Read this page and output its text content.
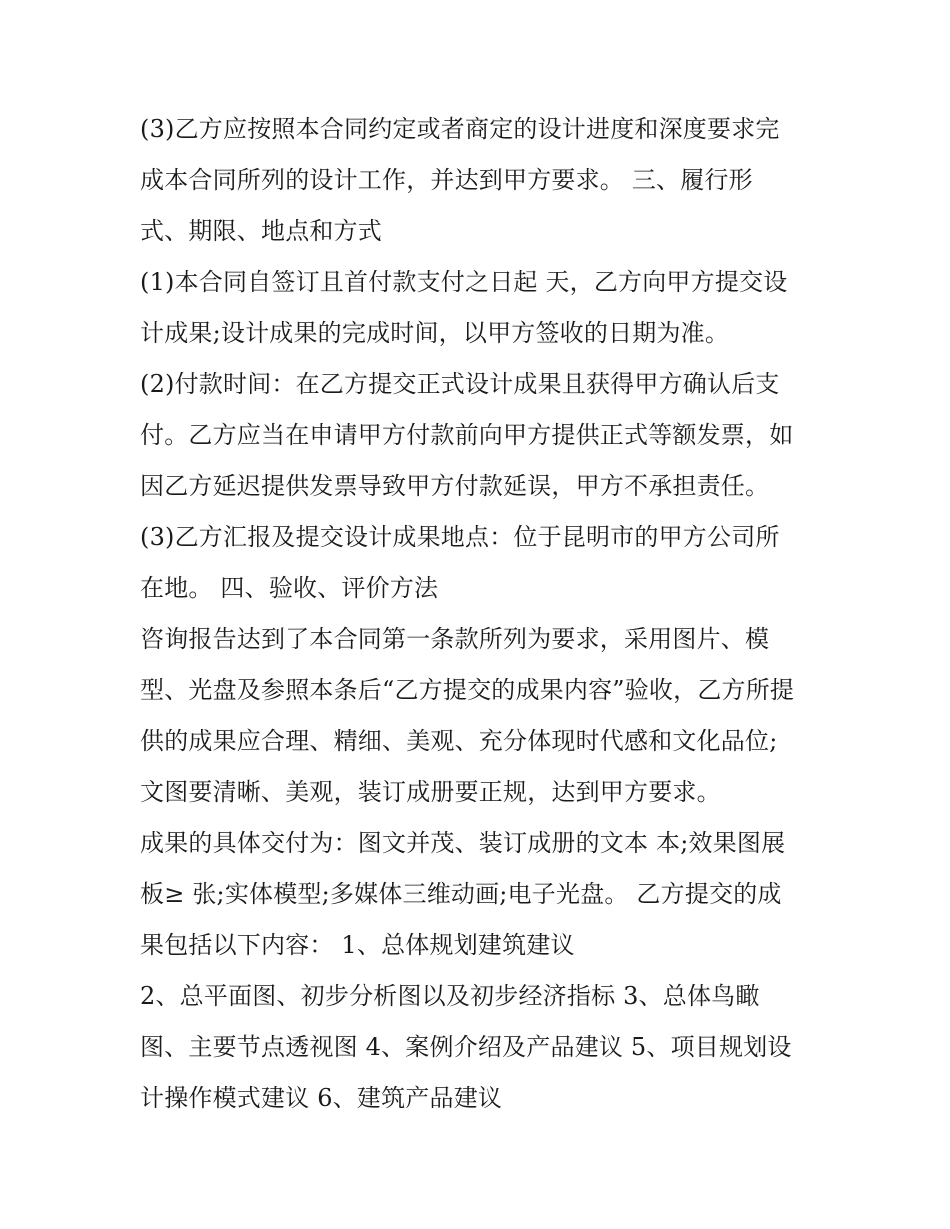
(3)乙方应按照本合同约定或者商定的设计进度和深度要求完
成本合同所列的设计工作，并达到甲方要求。 三、履行形
式、期限、地点和方式
(1)本合同自签订且首付款支付之日起 天，乙方向甲方提交设
计成果;设计成果的完成时间，以甲方签收的日期为准。
(2)付款时间：在乙方提交正式设计成果且获得甲方确认后支
付。乙方应当在申请甲方付款前向甲方提供正式等额发票，如
因乙方延迟提供发票导致甲方付款延误，甲方不承担责任。
(3)乙方汇报及提交设计成果地点：位于昆明市的甲方公司所
在地。 四、验收、评价方法
咨询报告达到了本合同第一条款所列为要求，采用图片、模
型、光盘及参照本条后“乙方提交的成果内容”验收，乙方所提
供的成果应合理、精细、美观、充分体现时代感和文化品位;
文图要清晰、美观，装订成册要正规，达到甲方要求。
成果的具体交付为：图文并茂、装订成册的文本 本;效果图展
板≥ 张;实体模型;多媒体三维动画;电子光盘。 乙方提交的成
果包括以下内容： 1、总体规划建筑建议
2、总平面图、初步分析图以及初步经济指标 3、总体鸟瞰
图、主要节点透视图 4、案例介绍及产品建议 5、项目规划设
计操作模式建议 6、建筑产品建议
